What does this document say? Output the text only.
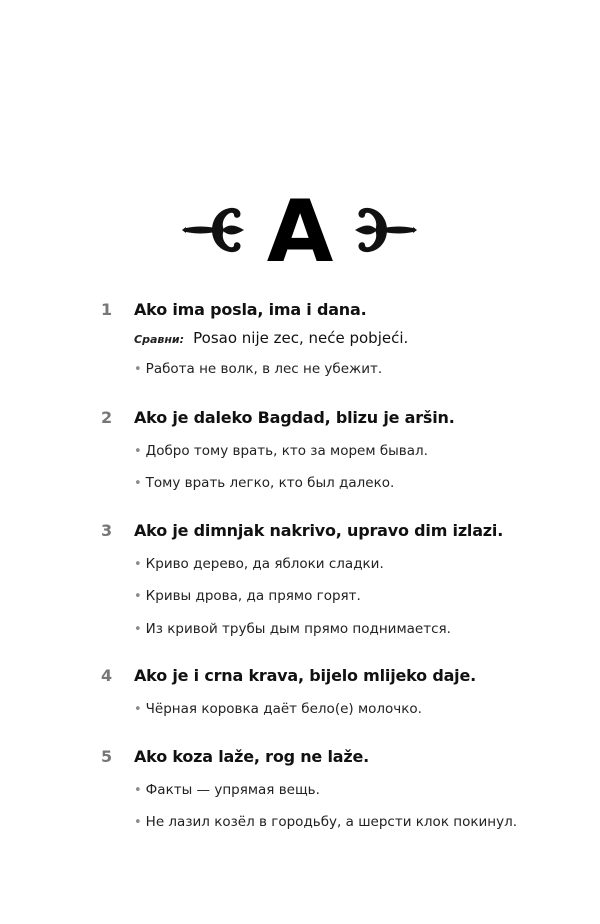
A
1 Ako ima posla, ima i dana.
Сравни: Posao nije zec, neće pobjeći.
• Работа не волк, в лес не убежит.
2 Ako je daleko Bagdad, blizu je aršin.
• Добро тому врать, кто за морем бывал.
• Тому врать легко, кто был далеко.
3 Ako je dimnjak nakrivo, upravo dim izlazi.
• Криво дерево, да яблоки сладки.
• Кривы дрова, да прямо горят.
• Из кривой трубы дым прямо поднимается.
4 Ako je i crna krava, bijelo mlijeko daje.
• Чёрная коровка даёт бело(е) молочко.
5 Ako koza laže, rog ne laže.
• Факты — упрямая вещь.
• Не лазил козёл в городьбу, а шерсти клок покинул.
